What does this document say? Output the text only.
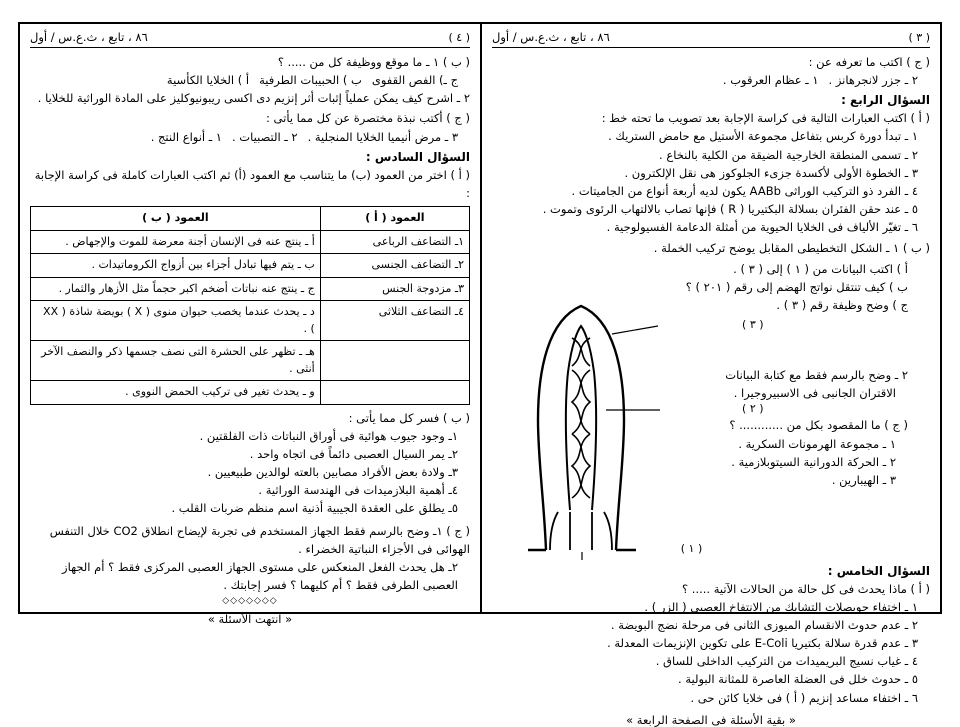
( ٣ )
٨٦ ، تابع ، ث.ع.س / أول
( ج ) اكتب ما تعرفه عن :
٢ ـ جزر لانجرهانز .
١ ـ عظام العرقوب .
السؤال الرابع :
( أ ) اكتب العبارات التالية فى كراسة الإجابة بعد تصويب ما تحته خط :
١ ـ تبدأ دورة كربس بتفاعل مجموعة الأستيل مع حامض الستريك .
٢ ـ تسمى المنطقة الخارجية الضيقة من الكلية بالنخاع .
٣ ـ الخطوة الأولى لأكسدة جزىء الجلوكوز هى نقل الإلكترون .
٤ ـ الفرد ذو التركيب الوراثى AABb يكون لديه أربعة أنواع من الجاميتات .
٥ ـ عند حقن الفئران بسلالة البكتيريا ( R ) فإنها تصاب بالالتهاب الرئوى وتموت .
٦ ـ تغيّر الألياف فى الخلايا الحيوية من أمثلة الدعامة الفسيولوجية .
( ب ) ١ ـ الشكل التخطيطى المقابل يوضح تركيب الخملة .
أ ) اكتب البيانات من ( ١ ) إلى ( ٣ ) .
ب ) كيف تنتقل نواتج الهضم إلى رقم ( ٢٠١ ) ؟
ج ) وضح وظيفة رقم ( ٣ ) .
٢ ـ وضح بالرسم فقط مع كتابة البيانات
الاقتران الجانبى فى الاسبيروجيرا .
( ج ) ما المقصود بكل من ............ ؟
١ ـ مجموعة الهرمونات السكرية .
٢ ـ الحركة الدورانية السيتوبلازمية .
٣ ـ الهيبارين .
( ٣ )
( ٢ )
( ١ )
السؤال الخامس :
( أ ) ماذا يحدث فى كل حالة من الحالات الآتية ..... ؟
١ ـ اختفاء حويصلات التشابك من الانتفاخ العصبى ( الزر ) .
٢ ـ عدم حدوث الانقسام الميوزى الثانى فى مرحلة نضج البويضة .
٣ ـ عدم قدرة سلالة بكتيريا E-Coli على تكوين الإنزيمات المعدلة .
٤ ـ غياب نسيج البريميدات من التركيب الداخلى للساق .
٥ ـ حدوث خلل فى العضلة العاصرة للمثانة البولية .
٦ ـ اختفاء مساعد إنزيم ( أ ) فى خلايا كائن حى .
« بقية الأسئلة فى الصفحة الرابعة »
( ٤ )
٨٦ ، تابع ، ث.ع.س / أول
( ب ) ١ ـ ما موقع ووظيفة كل من ..... ؟
ج ـ) الفص القفوى
ب ) الحبيبات الطرفية
أ ) الخلايا الكأسية
٢ ـ اشرح كيف يمكن عملياً إثبات أثر إنزيم دى اكسى ريبونيوكليز على المادة الوراثية للخلايا .
( ج ) أكتب نبذة مختصرة عن كل مما يأتى :
٣ ـ مرض أنيميا الخلايا المنجلية .
٢ ـ التصبيات .
١ ـ أنواع النتج .
السؤال السادس :
( أ ) اختر من العمود (ب) ما يتناسب مع العمود (أ) ثم اكتب العبارات كاملة فى كراسة الإجابة :
العمود ( أ )	العمود ( ب )
١ـ التضاعف الرباعى	أ ـ ينتج عنه فى الإنسان أجنة معرضة للموت والإجهاض .
٢ـ التضاعف الجنسى	ب ـ يتم فيها تبادل أجزاء بين أزواج الكروماتيدات .
٣ـ مزدوجة الجنس	ج ـ ينتج عنه نباتات أضخم اكبر حجماً مثل الأزهار والثمار .
٤ـ التضاعف الثلاثى	د ـ يحدث عندما يخصب حيوان منوى ( X ) بويضة شاذة ( XX ) .
	هـ ـ تظهر على الحشرة التى نصف جسمها ذكر والنصف الآخر أنثى .
	و ـ يحدث تغير فى تركيب الحمض النووى .
( ب ) فسر كل مما يأتى :
١ـ وجود جيوب هوائية فى أوراق النباتات ذات الفلقتين .
٢ـ يمر السيال العصبى دائماً فى اتجاه واحد .
٣ـ ولادة بعض الأفراد مصابين بالعته لوالدين طبيعيين .
٤ـ أهمية البلازميدات فى الهندسة الوراثية .
٥ـ يطلق على العقدة الجيبية أذنية اسم منظم ضربات القلب .
( ج ) ١ـ وضح بالرسم فقط الجهاز المستخدم فى تجربة لإيضاح انطلاق CO2 خلال التنفس الهوائى فى الأجزاء النباتية الخضراء .
٢ـ هل يحدث الفعل المنعكس على مستوى الجهاز العصبى المركزى فقط ؟ أم الجهاز العصبى الطرفى فقط ؟ أم كليهما ؟ فسر إجابتك .
◇◇◇◇◇◇◇
« انتهت الأسئلة »
